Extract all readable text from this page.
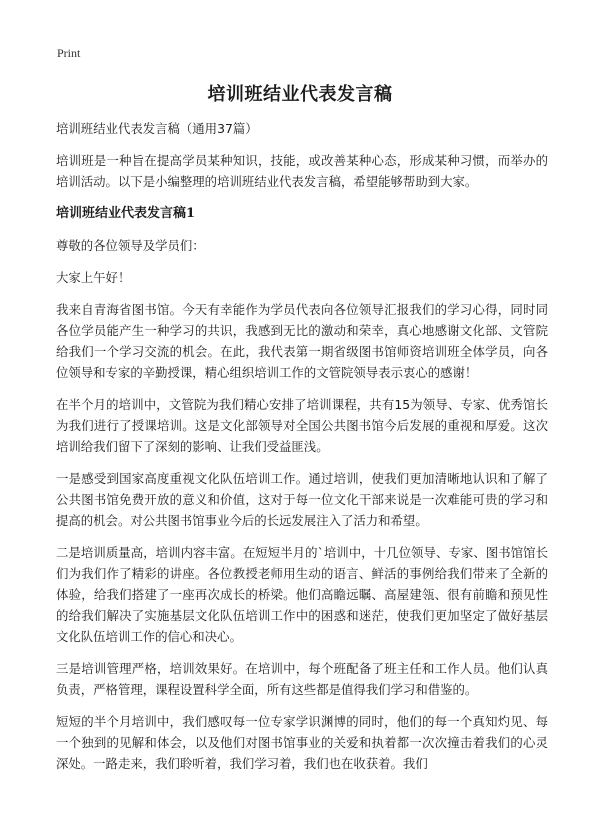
Print
培训班结业代表发言稿
培训班结业代表发言稿（通用37篇）

培训班是一种旨在提高学员某种知识，技能，或改善某种心态，形成某种习惯，而举办的培训活动。以下是小编整理的培训班结业代表发言稿，希望能够帮助到大家。

培训班结业代表发言稿1

尊敬的各位领导及学员们：

大家上午好！

我来自青海省图书馆。今天有幸能作为学员代表向各位领导汇报我们的学习心得，同时同各位学员能产生一种学习的共识，我感到无比的激动和荣幸，真心地感谢文化部、文管院给我们一个学习交流的机会。在此，我代表第一期省级图书馆师资培训班全体学员，向各位领导和专家的辛勤授课，精心组织培训工作的文管院领导表示衷心的感谢！

在半个月的培训中，文管院为我们精心安排了培训课程，共有15为领导、专家、优秀馆长为我们进行了授课培训。这是文化部领导对全国公共图书馆今后发展的重视和厚爱。这次培训给我们留下了深刻的影响、让我们受益匪浅。

一是感受到国家高度重视文化队伍培训工作。通过培训，使我们更加清晰地认识和了解了公共图书馆免费开放的意义和价值，这对于每一位文化干部来说是一次难能可贵的学习和提高的机会。对公共图书馆事业今后的长远发展注入了活力和希望。

二是培训质量高，培训内容丰富。在短短半月的`培训中，十几位领导、专家、图书馆馆长们为我们作了精彩的讲座。各位教授老师用生动的语言、鲜活的事例给我们带来了全新的体验，给我们搭建了一座再次成长的桥梁。他们高瞻远瞩、高屋建瓴、很有前瞻和预见性的给我们解决了实施基层文化队伍培训工作中的困惑和迷茫，使我们更加坚定了做好基层文化队伍培训工作的信心和决心。

三是培训管理严格，培训效果好。在培训中，每个班配备了班主任和工作人员。他们认真负责，严格管理，课程设置科学全面，所有这些都是值得我们学习和借鉴的。

短短的半个月培训中，我们感叹每一位专家学识渊博的同时，他们的每一个真知灼见、每一个独到的见解和体会，以及他们对图书馆事业的关爱和执着都一次次撞击着我们的心灵深处。一路走来，我们聆听着，我们学习着，我们也在收获着。我们
